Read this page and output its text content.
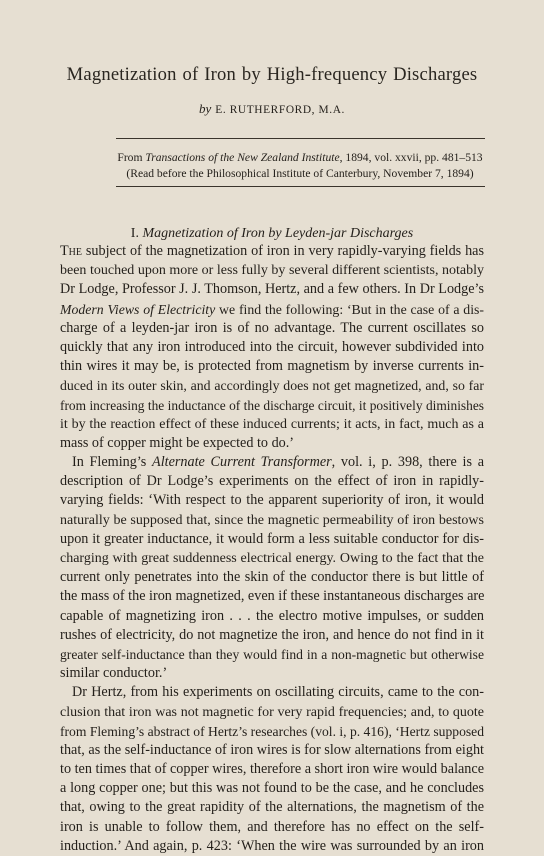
Magnetization of Iron by High-frequency Discharges
by E. RUTHERFORD, M.A.
From Transactions of the New Zealand Institute, 1894, vol. xxvii, pp. 481–513
(Read before the Philosophical Institute of Canterbury, November 7, 1894)
I. Magnetization of Iron by Leyden-jar Discharges
The subject of the magnetization of iron in very rapidly-varying fields has
been touched upon more or less fully by several different scientists, notably
Dr Lodge, Professor J. J. Thomson, Hertz, and a few others. In Dr Lodge’s
Modern Views of Electricity we find the following: ‘But in the case of a dis-
charge of a leyden-jar iron is of no advantage. The current oscillates so
quickly that any iron introduced into the circuit, however subdivided into
thin wires it may be, is protected from magnetism by inverse currents in-
duced in its outer skin, and accordingly does not get magnetized, and, so far
from increasing the inductance of the discharge circuit, it positively diminishes
it by the reaction effect of these induced currents; it acts, in fact, much as a
mass of copper might be expected to do.’
In Fleming’s Alternate Current Transformer, vol. i, p. 398, there is a
description of Dr Lodge’s experiments on the effect of iron in rapidly-
varying fields: ‘With respect to the apparent superiority of iron, it would
naturally be supposed that, since the magnetic permeability of iron bestows
upon it greater inductance, it would form a less suitable conductor for dis-
charging with great suddenness electrical energy. Owing to the fact that the
current only penetrates into the skin of the conductor there is but little of
the mass of the iron magnetized, even if these instantaneous discharges are
capable of magnetizing iron . . . the electro motive impulses, or sudden
rushes of electricity, do not magnetize the iron, and hence do not find in it
greater self-inductance than they would find in a non-magnetic but otherwise
similar conductor.’
Dr Hertz, from his experiments on oscillating circuits, came to the con-
clusion that iron was not magnetic for very rapid frequencies; and, to quote
from Fleming’s abstract of Hertz’s researches (vol. i, p. 416), ‘Hertz supposed
that, as the self-inductance of iron wires is for slow alternations from eight
to ten times that of copper wires, therefore a short iron wire would balance
a long copper one; but this was not found to be the case, and he concludes
that, owing to the great rapidity of the alternations, the magnetism of the
iron is unable to follow them, and therefore has no effect on the self-
induction.’ And again, p. 423: ‘When the wire was surrounded by an iron
